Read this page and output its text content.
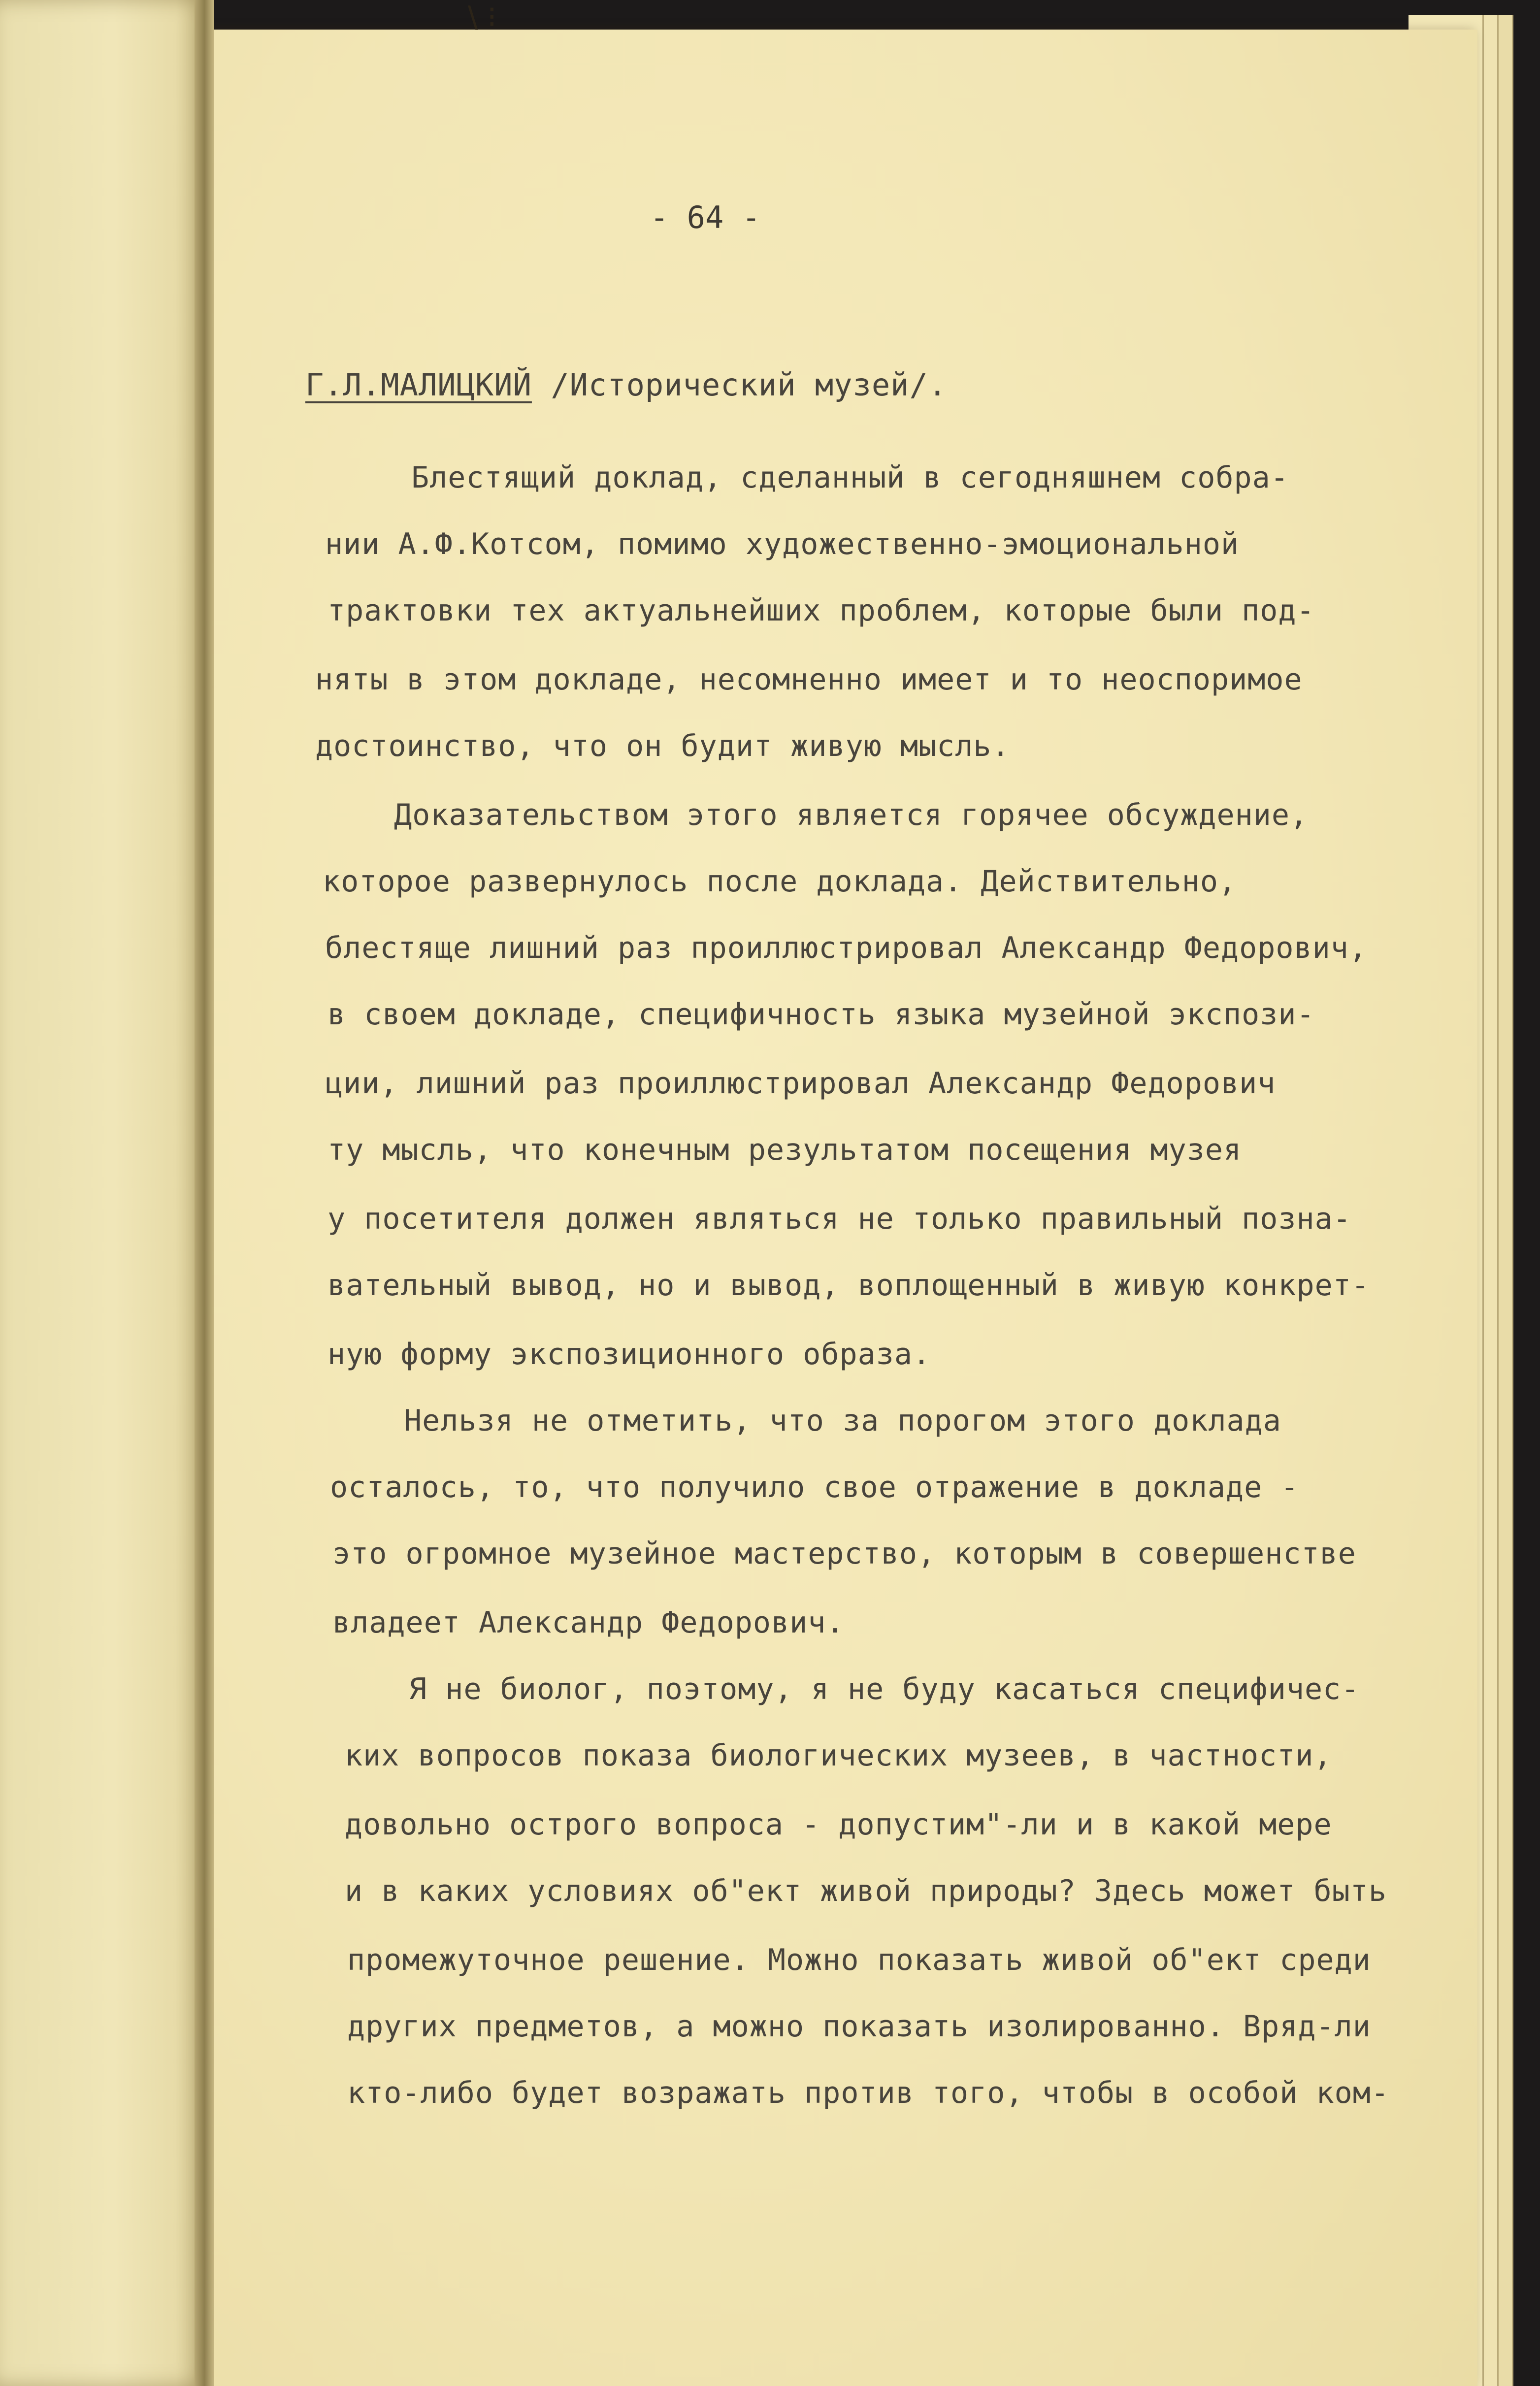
\ ⁝
- 64 -
Г.Л.МАЛИЦКИЙ /Исторический музей/.
Блестящий доклад, сделанный в сегодняшнем собра-
нии А.Ф.Котсом, помимо художественно-эмоциональной
трактовки тех актуальнейших проблем, которые были под-
няты в этом докладе, несомненно имеет и то неоспоримое
достоинство, что он будит живую мысль.
Доказательством этого является горячее обсуждение,
которое развернулось после доклада. Действительно,
блестяще лишний раз проиллюстрировал Александр Федорович,
в своем докладе, специфичность языка музейной экспози-
ции, лишний раз проиллюстрировал Александр Федорович
ту мысль, что конечным результатом посещения музея
у посетителя должен являться не только правильный позна-
вательный вывод, но и вывод, воплощенный в живую конкрет-
ную форму экспозиционного образа.
Нельзя не отметить, что за порогом этого доклада
осталось, то, что получило свое отражение в докладе -
это огромное музейное мастерство, которым в совершенстве
владеет Александр Федорович.
Я не биолог, поэтому, я не буду касаться специфичес-
ких вопросов показа биологических музеев, в частности,
довольно острого вопроса - допустим"-ли и в какой мере
и в каких условиях об"ект живой природы? Здесь может быть
промежуточное решение. Можно показать живой об"ект среди
других предметов, а можно показать изолированно. Вряд-ли
кто-либо будет возражать против того, чтобы в особой ком-
